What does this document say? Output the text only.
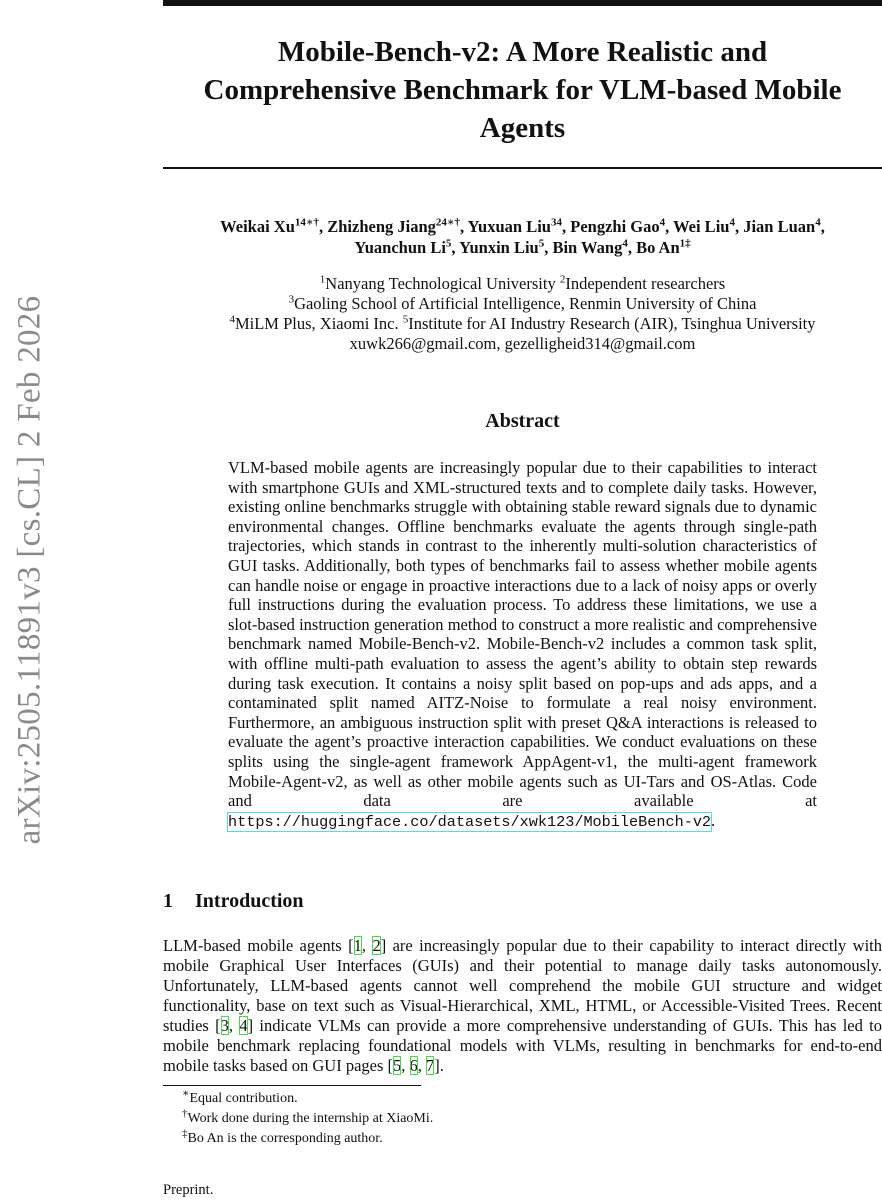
arXiv:2505.11891v3 [cs.CL] 2 Feb 2026
Mobile-Bench-v2: A More Realistic and
Comprehensive Benchmark for VLM-based Mobile
Agents
Weikai $Xu^{14∗\dagger}$, Zhizheng Jiang$^{24∗\dagger}$, Yuxuan Liu$^{34}$, Pengzhi Gao$^4$, Wei Liu$^4$, Jian Luan$^4$,
Yuanchun Li$^5$, Yunxin Liu$^5$, Bin Wang$^4$, Bo $An^{1\ddagger}$
$^1$Nanyang Technological University $^2$Independent researchers
$^3$Gaoling School of Artificial Intelligence, Renmin University of China
$^4$MiLM Plus, Xiaomi Inc. $^5$Institute for AI Industry Research (AIR), Tsinghua University
xuwk266@gmail.com, gezelligheid314@gmail.com
Abstract
VLM-based mobile agents are increasingly popular due to their capabilities to interact with smartphone GUIs and XML-structured texts and to complete daily tasks. However, existing online benchmarks struggle with obtaining stable reward signals due to dynamic environmental changes. Offline benchmarks evaluate the agents through single-path trajectories, which stands in contrast to the inherently multi-solution characteristics of GUI tasks. Additionally, both types of benchmarks fail to assess whether mobile agents can handle noise or engage in proactive interactions due to a lack of noisy apps or overly full instructions during the evaluation process. To address these limitations, we use a slot-based instruction generation method to construct a more realistic and comprehensive benchmark named Mobile-Bench-v2. Mobile-Bench-v2 includes a common task split, with offline multi-path evaluation to assess the agent’s ability to obtain step rewards during task execution. It contains a noisy split based on pop-ups and ads apps, and a contaminated split named AITZ-Noise to formulate a real noisy environment. Furthermore, an ambiguous instruction split with preset Q&A interactions is released to evaluate the agent’s proactive interaction capabilities. We conduct evaluations on these splits using the single-agent framework AppAgent-v1, the multi-agent framework Mobile-Agent-v2, as well as other mobile agents such as UI-Tars and OS-Atlas. Code and data are available at https://huggingface.co/datasets/xwk123/MobileBench-v2.
1 Introduction
LLM-based mobile agents [1, 2] are increasingly popular due to their capability to interact directly with mobile Graphical User Interfaces (GUIs) and their potential to manage daily tasks autonomously. Unfortunately, LLM-based agents cannot well comprehend the mobile GUI structure and widget functionality, base on text such as Visual-Hierarchical, XML, HTML, or Accessible-Visited Trees. Recent studies [3, 4] indicate VLMs can provide a more comprehensive understanding of GUIs. This has led to mobile benchmark replacing foundational models with VLMs, resulting in benchmarks for end-to-end mobile tasks based on GUI pages [5, 6, 7].
∗Equal contribution.
†Work done during the internship at XiaoMi.
‡Bo An is the corresponding author.
Preprint.
